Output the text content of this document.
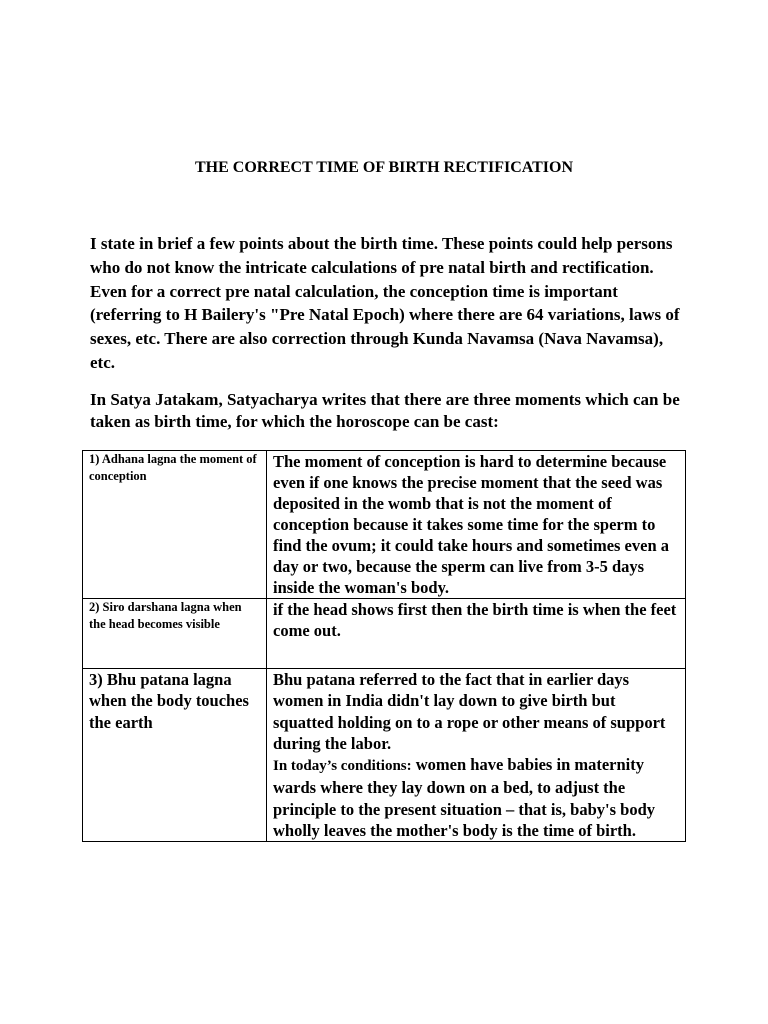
THE CORRECT TIME OF BIRTH RECTIFICATION
I state in brief a few points about the birth time. These points could help persons who do not know the intricate calculations of pre natal birth and rectification. Even for a correct pre natal calculation, the conception time is important (referring to H Bailery's "Pre Natal Epoch) where there are 64 variations, laws of sexes, etc. There are also correction through Kunda Navamsa (Nava Navamsa), etc.
In Satya Jatakam, Satyacharya writes that there are three moments which can be taken as birth time, for which the horoscope can be cast:
1) Adhana lagna the moment of conception	The moment of conception is hard to determine because even if one knows the precise moment that the seed was deposited in the womb that is not the moment of conception because it takes some time for the sperm to find the ovum; it could take hours and sometimes even a day or two, because the sperm can live from 3-5 days inside the woman's body.
2) Siro darshana lagna when the head becomes visible	if the head shows first then the birth time is when the feet come out.
3) Bhu patana lagna when the body touches the earth	Bhu patana referred to the fact that in earlier days women in India didn't lay down to give birth but squatted holding on to a rope or other means of support during the labor.
In today’s conditions: women have babies in maternity wards where they lay down on a bed, to adjust the principle to the present situation – that is, baby's body wholly leaves the mother's body is the time of birth.
